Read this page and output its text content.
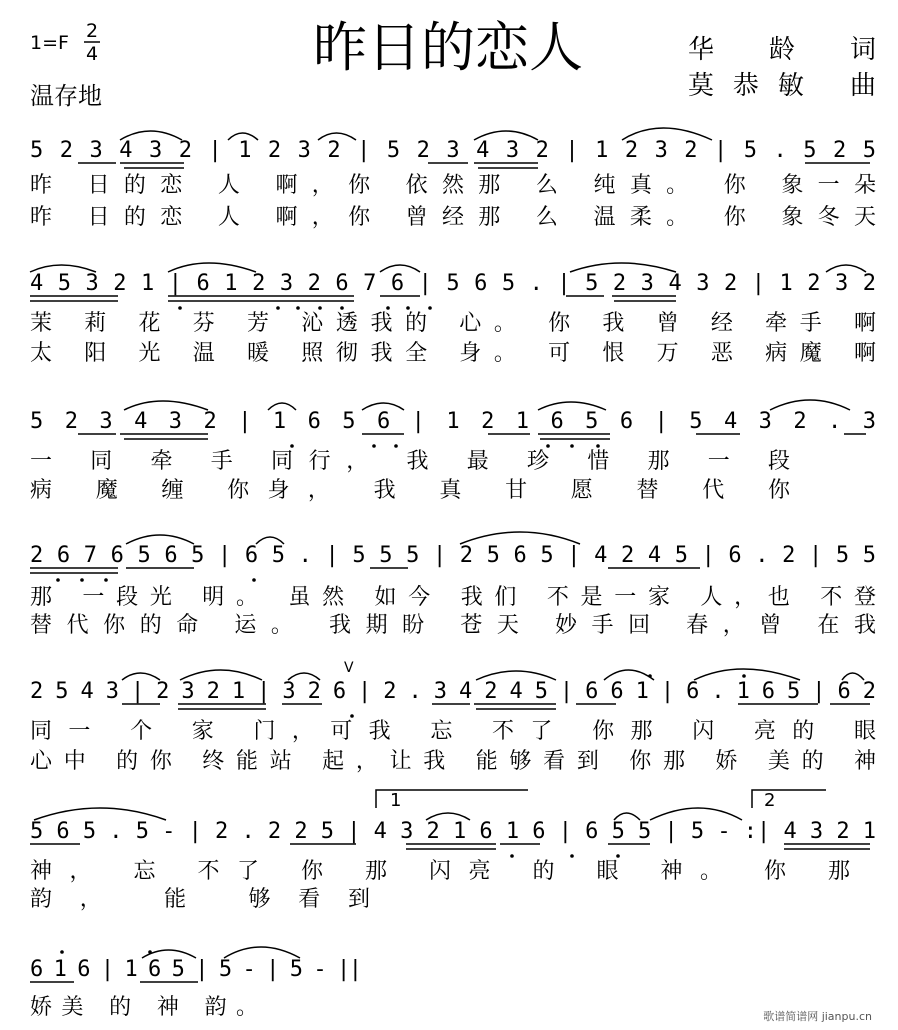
1=F
2
4
温存地
昨日的恋人	华 龄 词
莫恭敏 曲
5 2 3 4 3 2 | 1 2 3 2 | 5 2 3 4 3 2 | 1 2 3 2 | 5 . 5 2 5
昨 日的恋 人 啊，你 依然那 么 纯真。 你 象一朵
昨 日的恋 人 啊，你 曾经那 么 温柔。 你 象冬天
4 5 3 2 1 | 6 1 2 3 2 6 7 6 | 5 6 5 . | 5 2 3 4 3 2 | 1 2 3 2
茉 莉 花 芬 芳 沁透我的 心。 你 我 曾 经 牵手 啊
太 阳 光 温 暖 照彻我全 身。 可 恨 万 恶 病魔 啊
5 2 3 4 3 2 | 1 6 5 6 | 1 2 1 6 5 6 | 5 4 3 2 . 3
一 同 牵 手 同行， 我 最 珍 惜 那 一 段
病 魔 缠 你身， 我 真 甘 愿 替 代 你
2 6 7 6 5 6 5 | 6 5 . | 5 5 5 | 2 5 6 5 | 4 2 4 5 | 6 . 2 | 5 5
那 一段光 明。 虽然 如今 我们 不是一家 人，也 不登
替代你的命 运。 我期盼 苍天 妙手回 春，曾 在我
V
2 5 4 3 | 2 3 2 1 | 3 2 6 | 2 . 3 4 2 4 5 | 6 6 1 | 6 . 1 6 5 | 6 2
同一 个 家 门，可我 忘 不了 你那 闪 亮的 眼
心中 的你 终能站 起，让我 能够看到 你那 娇 美的 神
1	2
5 6 5 . 5 - | 2 . 2 2 5 | 4 3 2 1 6 1 6 | 6 5 5 | 5 - :| 4 3 2 1
神， 忘 不了 你 那 闪亮 的 眼 神。 你 那
韵， 能 够看到
6 1 6 | 1 6 5 | 5 - | 5 - ||
娇美 的 神 韵。	歌谱简谱网 jianpu.cn
